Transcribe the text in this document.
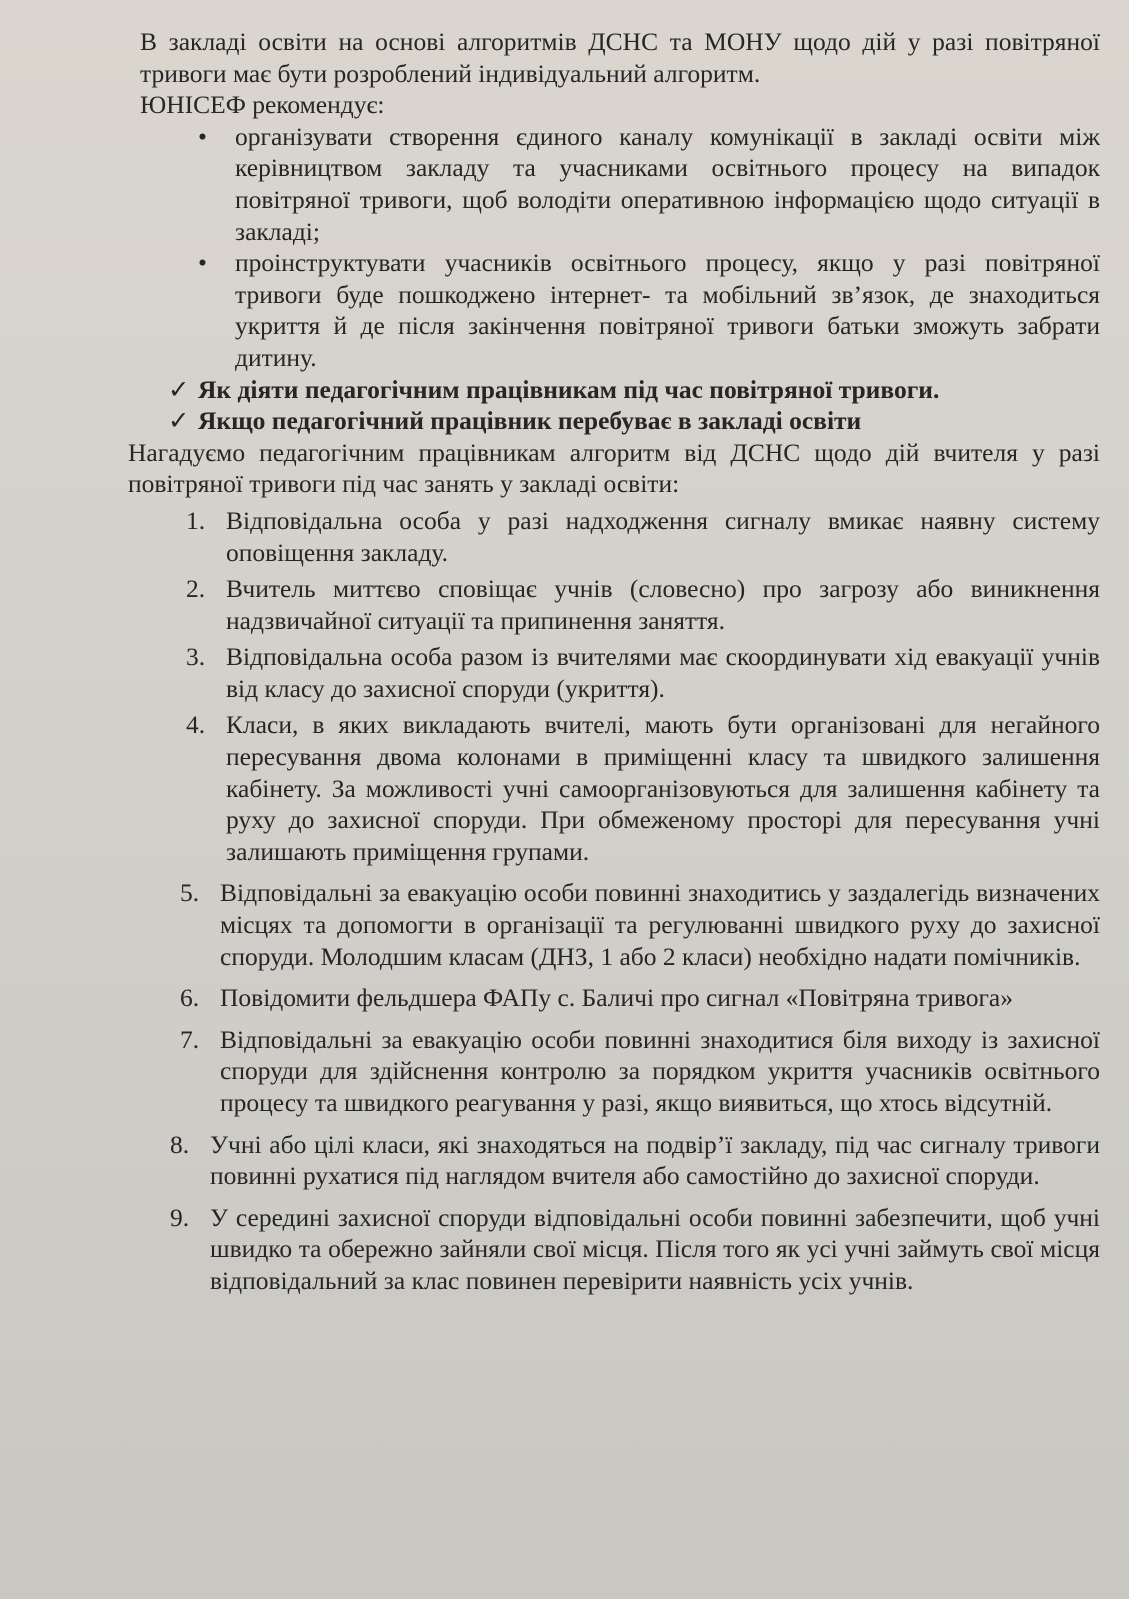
В закладі освіти на основі алгоритмів ДСНС та МОНУ щодо дій у разі повітряної тривоги має бути розроблений індивідуальний алгоритм.

ЮНІСЕФ рекомендує:

• організувати створення єдиного каналу комунікації в закладі освіти між керівництвом закладу та учасниками освітнього процесу на випадок повітряної тривоги, щоб володіти оперативною інформацією щодо ситуації в закладі;
• проінструктувати учасників освітнього процесу, якщо у разі повітряної тривоги буде пошкоджено інтернет- та мобільний зв’язок, де знаходиться укриття й де після закінчення повітряної тривоги батьки зможуть забрати дитину.
✓ Як діяти педагогічним працівникам під час повітряної тривоги.
✓ Якщо педагогічний працівник перебуває в закладі освіти

Нагадуємо педагогічним працівникам алгоритм від ДСНС щодо дій вчителя у разі повітряної тривоги під час занять у закладі освіти:

1. Відповідальна особа у разі надходження сигналу вмикає наявну систему оповіщення закладу.
2. Вчитель миттєво сповіщає учнів (словесно) про загрозу або виникнення надзвичайної ситуації та припинення заняття.
3. Відповідальна особа разом із вчителями має скоординувати хід евакуації учнів від класу до захисної споруди (укриття).
4. Класи, в яких викладають вчителі, мають бути організовані для негайного пересування двома колонами в приміщенні класу та швидкого залишення кабінету. За можливості учні самоорганізовуються для залишення кабінету та руху до захисної споруди. При обмеженому просторі для пересування учні залишають приміщення групами.
5. Відповідальні за евакуацію особи повинні знаходитись у заздалегідь визначених місцях та допомогти в організації та регулюванні швидкого руху до захисної споруди. Молодшим класам (ДНЗ, 1 або 2 класи) необхідно надати помічників.
6. Повідомити фельдшера ФАПу с. Баличі про сигнал «Повітряна тривога»
7. Відповідальні за евакуацію особи повинні знаходитися біля виходу із захисної споруди для здійснення контролю за порядком укриття учасників освітнього процесу та швидкого реагування у разі, якщо виявиться, що хтось відсутній.
8. Учні або цілі класи, які знаходяться на подвір’ї закладу, під час сигналу тривоги повинні рухатися під наглядом вчителя або самостійно до захисної споруди.
9. У середині захисної споруди відповідальні особи повинні забезпечити, щоб учні швидко та обережно зайняли свої місця. Після того як усі учні займуть свої місця відповідальний за клас повинен перевірити наявність усіх учнів.
